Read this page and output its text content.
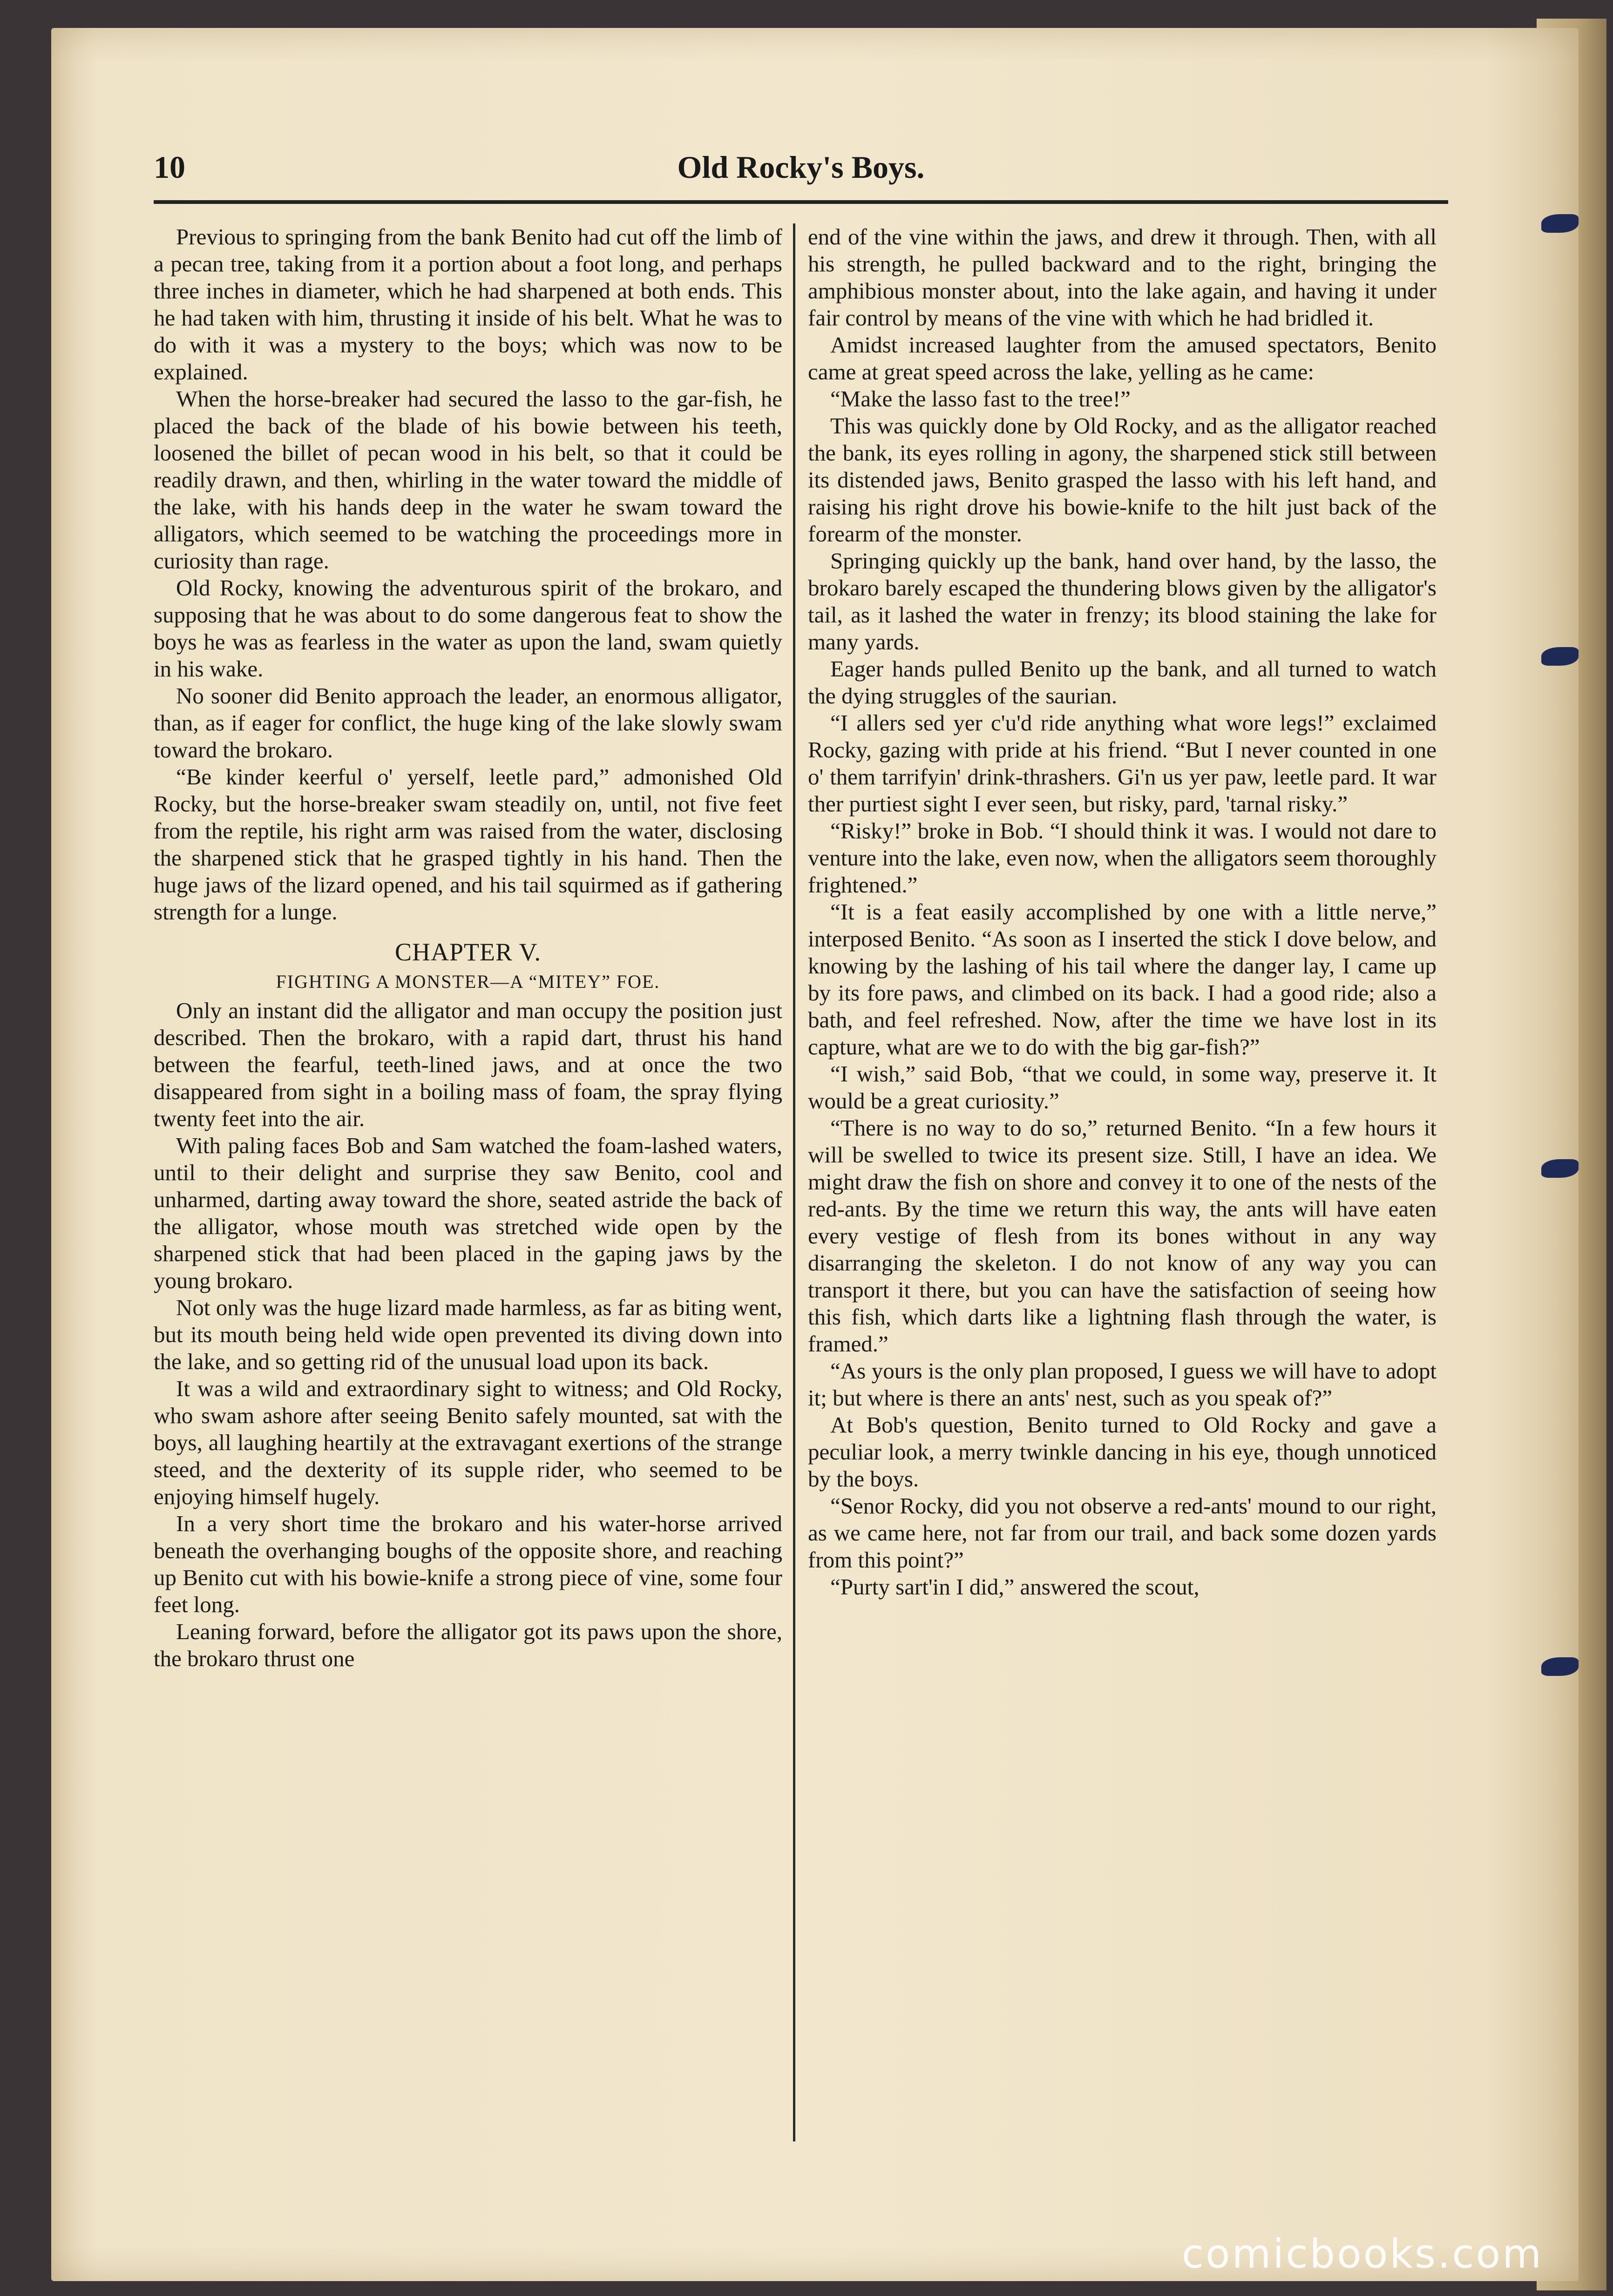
Old Rocky's Boys.
10

Previous to springing from the bank Benito had cut off the limb of a pecan tree, taking from it a portion about a foot long, and perhaps three inches in diameter, which he had sharpened at both ends. This he had taken with him, thrusting it inside of his belt. What he was to do with it was a mystery to the boys; which was now to be explained.

When the horse-breaker had secured the lasso to the gar-fish, he placed the back of the blade of his bowie between his teeth, loosened the billet of pecan wood in his belt, so that it could be readily drawn, and then, whirling in the water toward the middle of the lake, with his hands deep in the water he swam toward the alligators, which seemed to be watching the proceedings more in curiosity than rage.

Old Rocky, knowing the adventurous spirit of the brokaro, and supposing that he was about to do some dangerous feat to show the boys he was as fearless in the water as upon the land, swam quietly in his wake.

No sooner did Benito approach the leader, an enormous alligator, than, as if eager for conflict, the huge king of the lake slowly swam toward the brokaro.

“Be kinder keerful o' yerself, leetle pard,” admonished Old Rocky, but the horse-breaker swam steadily on, until, not five feet from the reptile, his right arm was raised from the water, disclosing the sharpened stick that he grasped tightly in his hand. Then the huge jaws of the lizard opened, and his tail squirmed as if gathering strength for a lunge.

CHAPTER V.
FIGHTING A MONSTER—A “MITEY” FOE.

Only an instant did the alligator and man occupy the position just described. Then the brokaro, with a rapid dart, thrust his hand between the fearful, teeth-lined jaws, and at once the two disappeared from sight in a boiling mass of foam, the spray flying twenty feet into the air.

With paling faces Bob and Sam watched the foam-lashed waters, until to their delight and surprise they saw Benito, cool and unharmed, darting away toward the shore, seated astride the back of the alligator, whose mouth was stretched wide open by the sharpened stick that had been placed in the gaping jaws by the young brokaro.

Not only was the huge lizard made harmless, as far as biting went, but its mouth being held wide open prevented its diving down into the lake, and so getting rid of the unusual load upon its back.

It was a wild and extraordinary sight to witness; and Old Rocky, who swam ashore after seeing Benito safely mounted, sat with the boys, all laughing heartily at the extravagant exertions of the strange steed, and the dexterity of its supple rider, who seemed to be enjoying himself hugely.

In a very short time the brokaro and his water-horse arrived beneath the overhanging boughs of the opposite shore, and reaching up Benito cut with his bowie-knife a strong piece of vine, some four feet long.

Leaning forward, before the alligator got its paws upon the shore, the brokaro thrust one

end of the vine within the jaws, and drew it through. Then, with all his strength, he pulled backward and to the right, bringing the amphibious monster about, into the lake again, and having it under fair control by means of the vine with which he had bridled it.

Amidst increased laughter from the amused spectators, Benito came at great speed across the lake, yelling as he came:

“Make the lasso fast to the tree!”

This was quickly done by Old Rocky, and as the alligator reached the bank, its eyes rolling in agony, the sharpened stick still between its distended jaws, Benito grasped the lasso with his left hand, and raising his right drove his bowie-knife to the hilt just back of the forearm of the monster.

Springing quickly up the bank, hand over hand, by the lasso, the brokaro barely escaped the thundering blows given by the alligator's tail, as it lashed the water in frenzy; its blood staining the lake for many yards.

Eager hands pulled Benito up the bank, and all turned to watch the dying struggles of the saurian.

“I allers sed yer c'u'd ride anything what wore legs!” exclaimed Rocky, gazing with pride at his friend. “But I never counted in one o' them tarrifyin' drink-thrashers. Gi'n us yer paw, leetle pard. It war ther purtiest sight I ever seen, but risky, pard, 'tarnal risky.”

“Risky!” broke in Bob. “I should think it was. I would not dare to venture into the lake, even now, when the alligators seem thoroughly frightened.”

“It is a feat easily accomplished by one with a little nerve,” interposed Benito. “As soon as I inserted the stick I dove below, and knowing by the lashing of his tail where the danger lay, I came up by its fore paws, and climbed on its back. I had a good ride; also a bath, and feel refreshed. Now, after the time we have lost in its capture, what are we to do with the big gar-fish?”

“I wish,” said Bob, “that we could, in some way, preserve it. It would be a great curiosity.”

“There is no way to do so,” returned Benito. “In a few hours it will be swelled to twice its present size. Still, I have an idea. We might draw the fish on shore and convey it to one of the nests of the red-ants. By the time we return this way, the ants will have eaten every vestige of flesh from its bones without in any way disarranging the skeleton. I do not know of any way you can transport it there, but you can have the satisfaction of seeing how this fish, which darts like a lightning flash through the water, is framed.”

“As yours is the only plan proposed, I guess we will have to adopt it; but where is there an ants' nest, such as you speak of?”

At Bob's question, Benito turned to Old Rocky and gave a peculiar look, a merry twinkle dancing in his eye, though unnoticed by the boys.

“Senor Rocky, did you not observe a red-ants' mound to our right, as we came here, not far from our trail, and back some dozen yards from this point?”

“Purty sart'in I did,” answered the scout,

comicbooks.com
